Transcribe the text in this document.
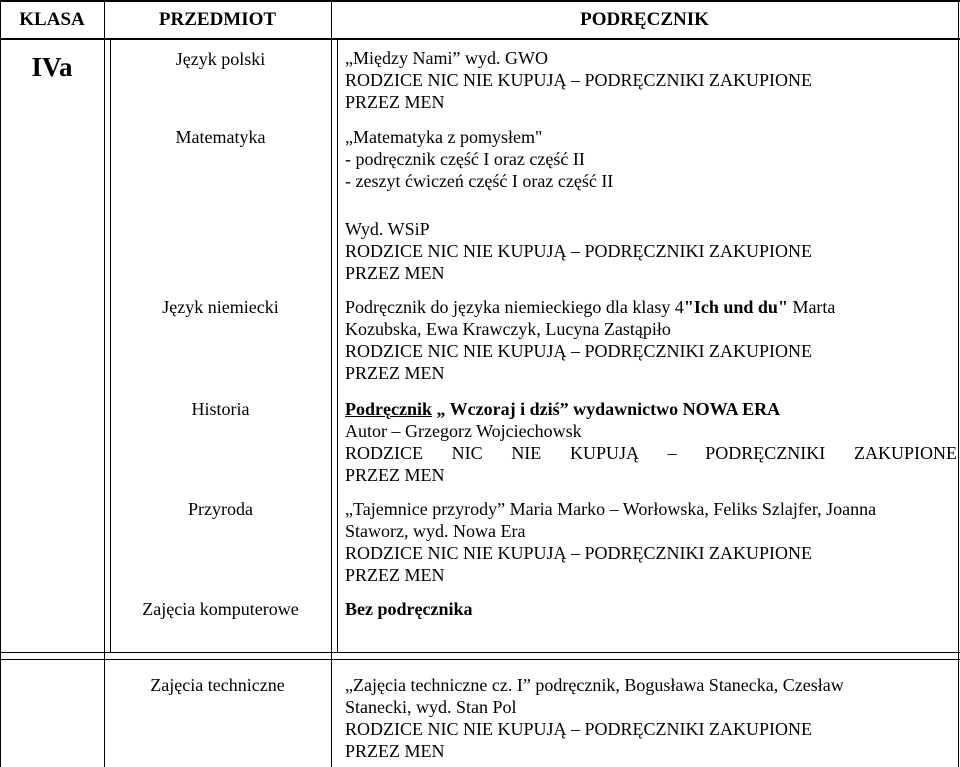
KLASA	PRZEDMIOT	PODRĘCZNIK
IVa	Język polski	„Między Nami” wyd. GWO
RODZICE NIC NIE KUPUJĄ – PODRĘCZNIKI ZAKUPIONE
PRZEZ MEN
Matematyka	„Matematyka z pomysłem"
- podręcznik część I oraz część II
- zeszyt ćwiczeń część I oraz część II
Wyd. WSiP
RODZICE NIC NIE KUPUJĄ – PODRĘCZNIKI ZAKUPIONE
PRZEZ MEN
Język niemiecki	Podręcznik do języka niemieckiego dla klasy 4"Ich und du" Marta
Kozubska, Ewa Krawczyk, Lucyna Zastąpiło
RODZICE NIC NIE KUPUJĄ – PODRĘCZNIKI ZAKUPIONE
PRZEZ MEN
Historia	Podręcznik „ Wczoraj i dziś” wydawnictwo NOWA ERA
Autor – Grzegorz Wojciechowsk
RODZICE NIC NIE KUPUJĄ – PODRĘCZNIKI ZAKUPIONE
PRZEZ MEN
Przyroda	„Tajemnice przyrody” Maria Marko – Worłowska, Feliks Szlajfer, Joanna
Staworz, wyd. Nowa Era
RODZICE NIC NIE KUPUJĄ – PODRĘCZNIKI ZAKUPIONE
PRZEZ MEN
Zajęcia komputerowe	Bez podręcznika
Zajęcia techniczne	„Zajęcia techniczne cz. I” podręcznik, Bogusława Stanecka, Czesław
Stanecki, wyd. Stan Pol
RODZICE NIC NIE KUPUJĄ – PODRĘCZNIKI ZAKUPIONE
PRZEZ MEN
